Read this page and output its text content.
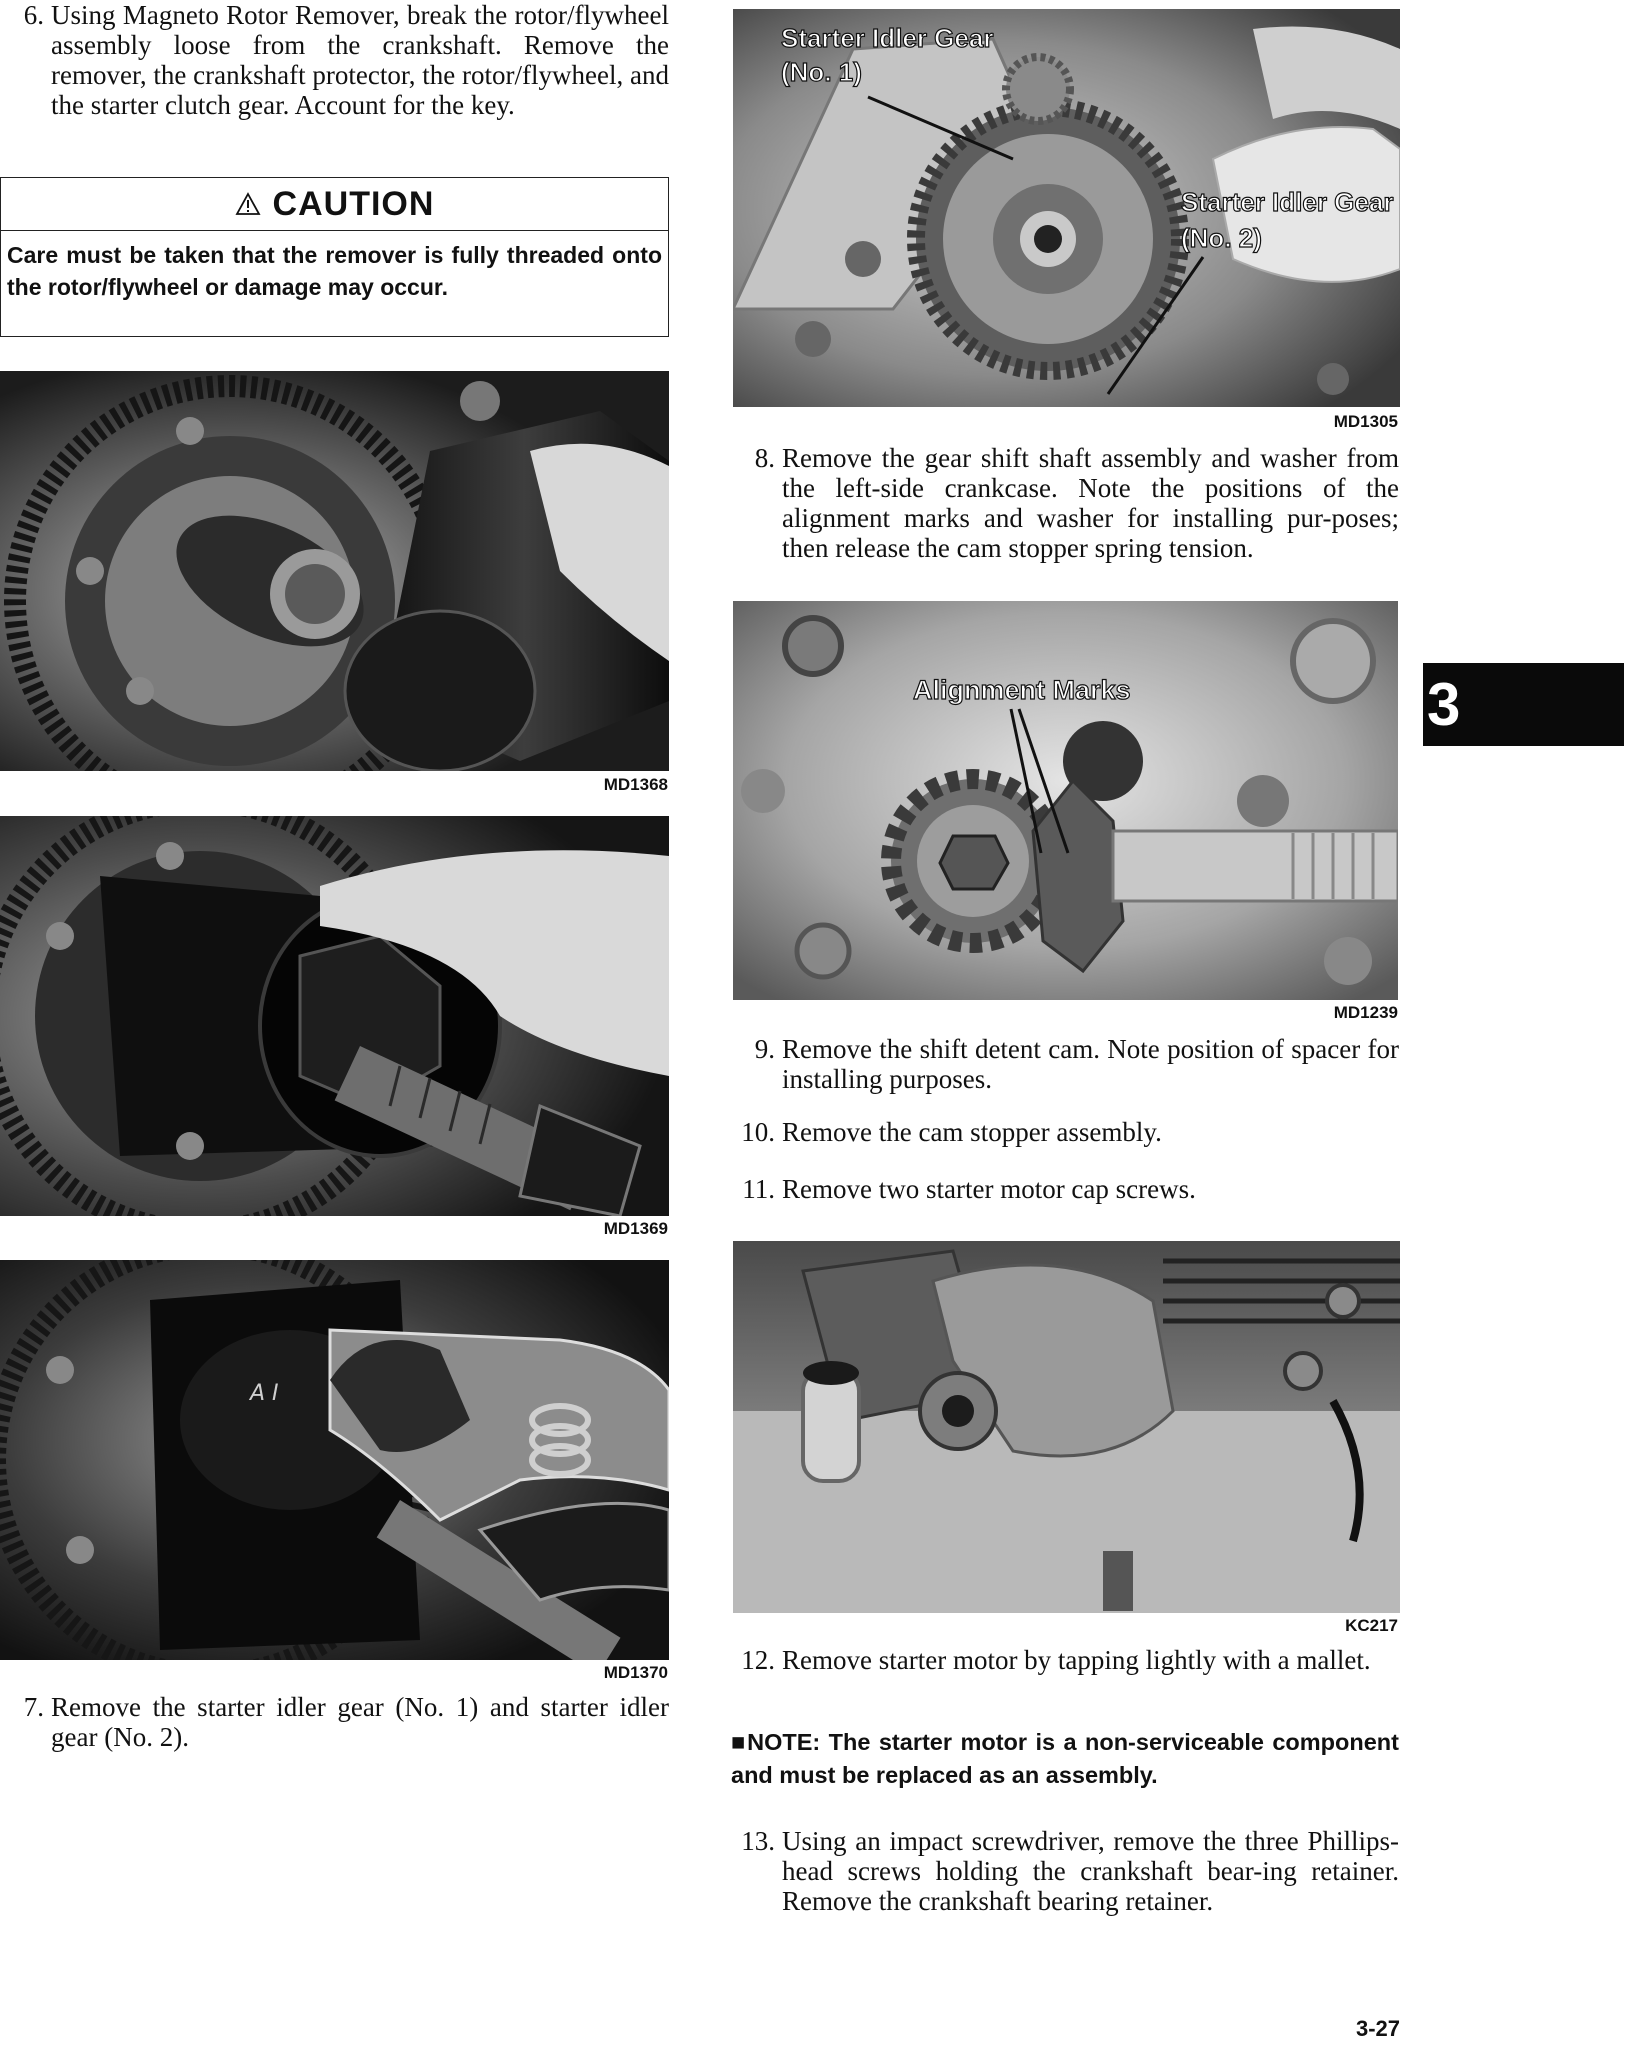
6. Using Magneto Rotor Remover, break the rotor/flywheel assembly loose from the crankshaft. Remove the remover, the crankshaft protector, the rotor/flywheel, and the starter clutch gear. Account for the key.
CAUTION
Care must be taken that the remover is fully threaded onto the rotor/flywheel or damage may occur.
MD1368
MD1369
A I
MD1370
7. Remove the starter idler gear (No. 1) and starter idler gear (No. 2).
Starter Idler Gear
(No. 1)
Starter Idler Gear
(No. 2)
MD1305
8. Remove the gear shift shaft assembly and washer from the left-side crankcase. Note the positions of the alignment marks and washer for installing pur-poses; then release the cam stopper spring tension.
Alignment Marks
MD1239
9. Remove the shift detent cam. Note position of spacer for installing purposes.
10. Remove the cam stopper assembly.
11. Remove two starter motor cap screws.
KC217
12. Remove starter motor by tapping lightly with a mallet.
■NOTE: The starter motor is a non-serviceable component and must be replaced as an assembly.
13. Using an impact screwdriver, remove the three Phillips-head screws holding the crankshaft bear-ing retainer. Remove the crankshaft bearing retainer.
3
3-27
